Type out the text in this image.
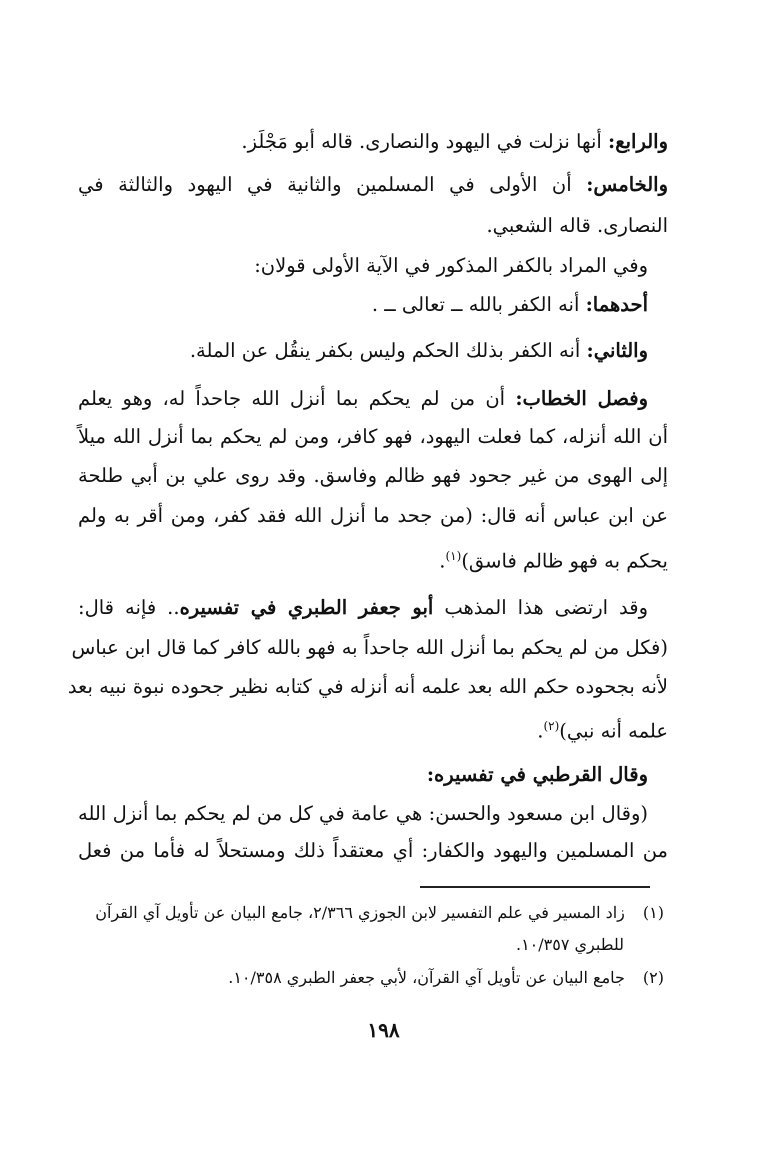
والرابع: أنها نزلت في اليهود والنصارى. قاله أبو مَجْلَز.
والخامس: أن الأولى في المسلمين والثانية في اليهود والثالثة في
النصارى. قاله الشعبي.
وفي المراد بالكفر المذكور في الآية الأولى قولان:
أحدهما: أنه الكفر بالله ــ تعالى ــ .
والثاني: أنه الكفر بذلك الحكم وليس بكفر ينقُل عن الملة.
وفصل الخطاب: أن من لم يحكم بما أنزل الله جاحداً له، وهو يعلم
أن الله أنزله، كما فعلت اليهود، فهو كافر، ومن لم يحكم بما أنزل الله ميلاً
إلى الهوى من غير جحود فهو ظالم وفاسق. وقد روى علي بن أبي طلحة
عن ابن عباس أنه قال: (من جحد ما أنزل الله فقد كفر، ومن أقر به ولم
يحكم به فهو ظالم فاسق)$^{(١)}$.
وقد ارتضى هذا المذهب أبو جعفر الطبري في تفسيره.. فإنه قال:
(فكل من لم يحكم بما أنزل الله جاحداً به فهو بالله كافر كما قال ابن عباس
لأنه بجحوده حكم الله بعد علمه أنه أنزله في كتابه نظير جحوده نبوة نبيه بعد
علمه أنه نبي)$^{(٢)}$.
وقال القرطبي في تفسيره:
(وقال ابن مسعود والحسن: هي عامة في كل من لم يحكم بما أنزل الله
من المسلمين واليهود والكفار: أي معتقداً ذلك ومستحلاً له فأما من فعل
(١) زاد المسير في علم التفسير لابن الجوزي ٢/٣٦٦، جامع البيان عن تأويل آي القرآن
للطبري ١٠/٣٥٧.
(٢) جامع البيان عن تأويل آي القرآن، لأبي جعفر الطبري ١٠/٣٥٨.
١٩٨
